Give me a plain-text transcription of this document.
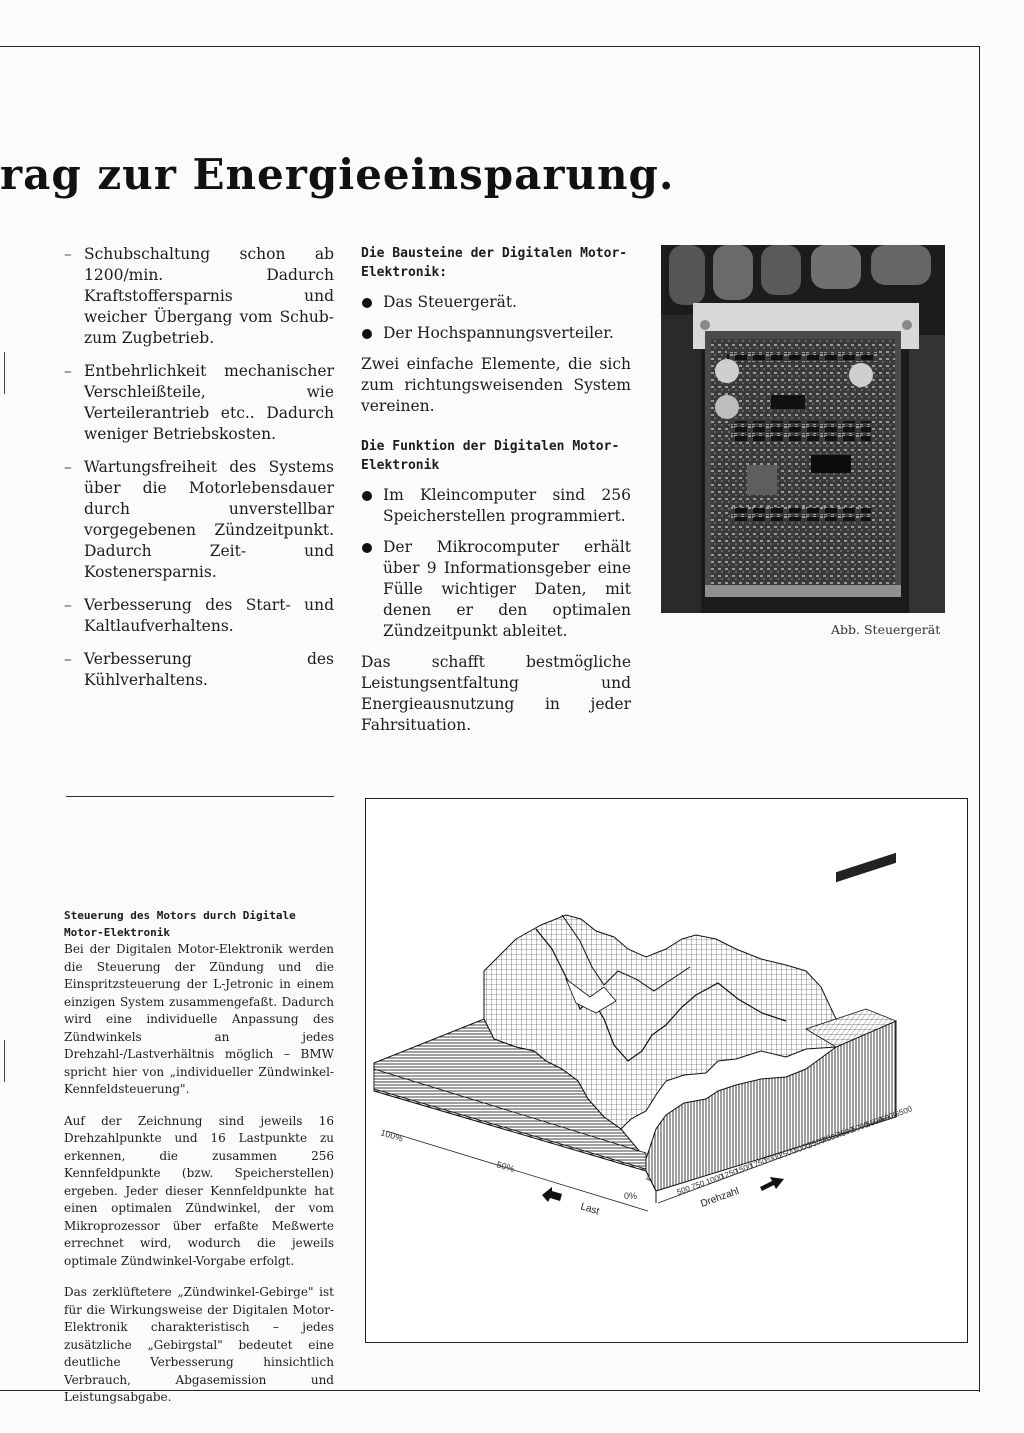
rag zur Energieeinsparung.
– Schubschaltung schon ab 1200/min. Dadurch Kraftstoffersparnis und weicher Übergang vom Schub- zum Zugbetrieb.
– Entbehrlichkeit mechanischer Verschleißteile, wie Verteilerantrieb etc.. Dadurch weniger Betriebskosten.
– Wartungsfreiheit des Systems über die Motorlebensdauer durch unverstellbar vorgegebenen Zündzeitpunkt. Dadurch Zeit- und Kostenersparnis.
– Verbesserung des Start- und Kaltlaufverhaltens.
– Verbesserung des Kühlverhaltens.
Die Bausteine der Digitalen Motor-Elektronik:
Das Steuergerät.
Der Hochspannungsverteiler.

Zwei einfache Elemente, die sich zum richtungsweisenden System vereinen.

Die Funktion der Digitalen Motor-Elektronik
Im Kleincomputer sind 256 Speicherstellen programmiert.
Der Mikrocomputer erhält über 9 Informationsgeber eine Fülle wichtiger Daten, mit denen er den optimalen Zündzeitpunkt ableitet.

Das schafft bestmögliche Leistungsentfaltung und Energieausnutzung in jeder Fahrsituation.

Abb. Steuergerät

Steuerung des Motors durch Digitale Motor-Elektronik

Bei der Digitalen Motor-Elektronik werden die Steuerung der Zündung und die Einspritzsteuerung der L-Jetronic in einem einzigen System zusammengefaßt. Dadurch wird eine individuelle Anpassung des Zündwinkels an jedes Drehzahl-/Lastverhältnis möglich – BMW spricht hier von „individueller Zündwinkel-Kennfeldsteuerung".

Auf der Zeichnung sind jeweils 16 Drehzahlpunkte und 16 Lastpunkte zu erkennen, die zusammen 256 Kennfeldpunkte (bzw. Speicherstellen) ergeben. Jeder dieser Kennfeldpunkte hat einen optimalen Zündwinkel, der vom Mikroprozessor über erfaßte Meßwerte errechnet wird, wodurch die jeweils optimale Zündwinkel-Vorgabe erfolgt.

Das zerklüftetere „Zündwinkel-Gebirge" ist für die Wirkungsweise der Digitalen Motor-Elektronik charakteristisch – jedes zusätzliche „Gebirgstal" bedeutet eine deutliche Verbesserung hinsichtlich Verbrauch, Abgasemission und Leistungsabgabe.

100%
50%
0%
4
Last
500
750
1000
1250
1500
1750
2000
2500
3000
3500
4000
4500
5000
5500
6000
6500
Drehzahl
